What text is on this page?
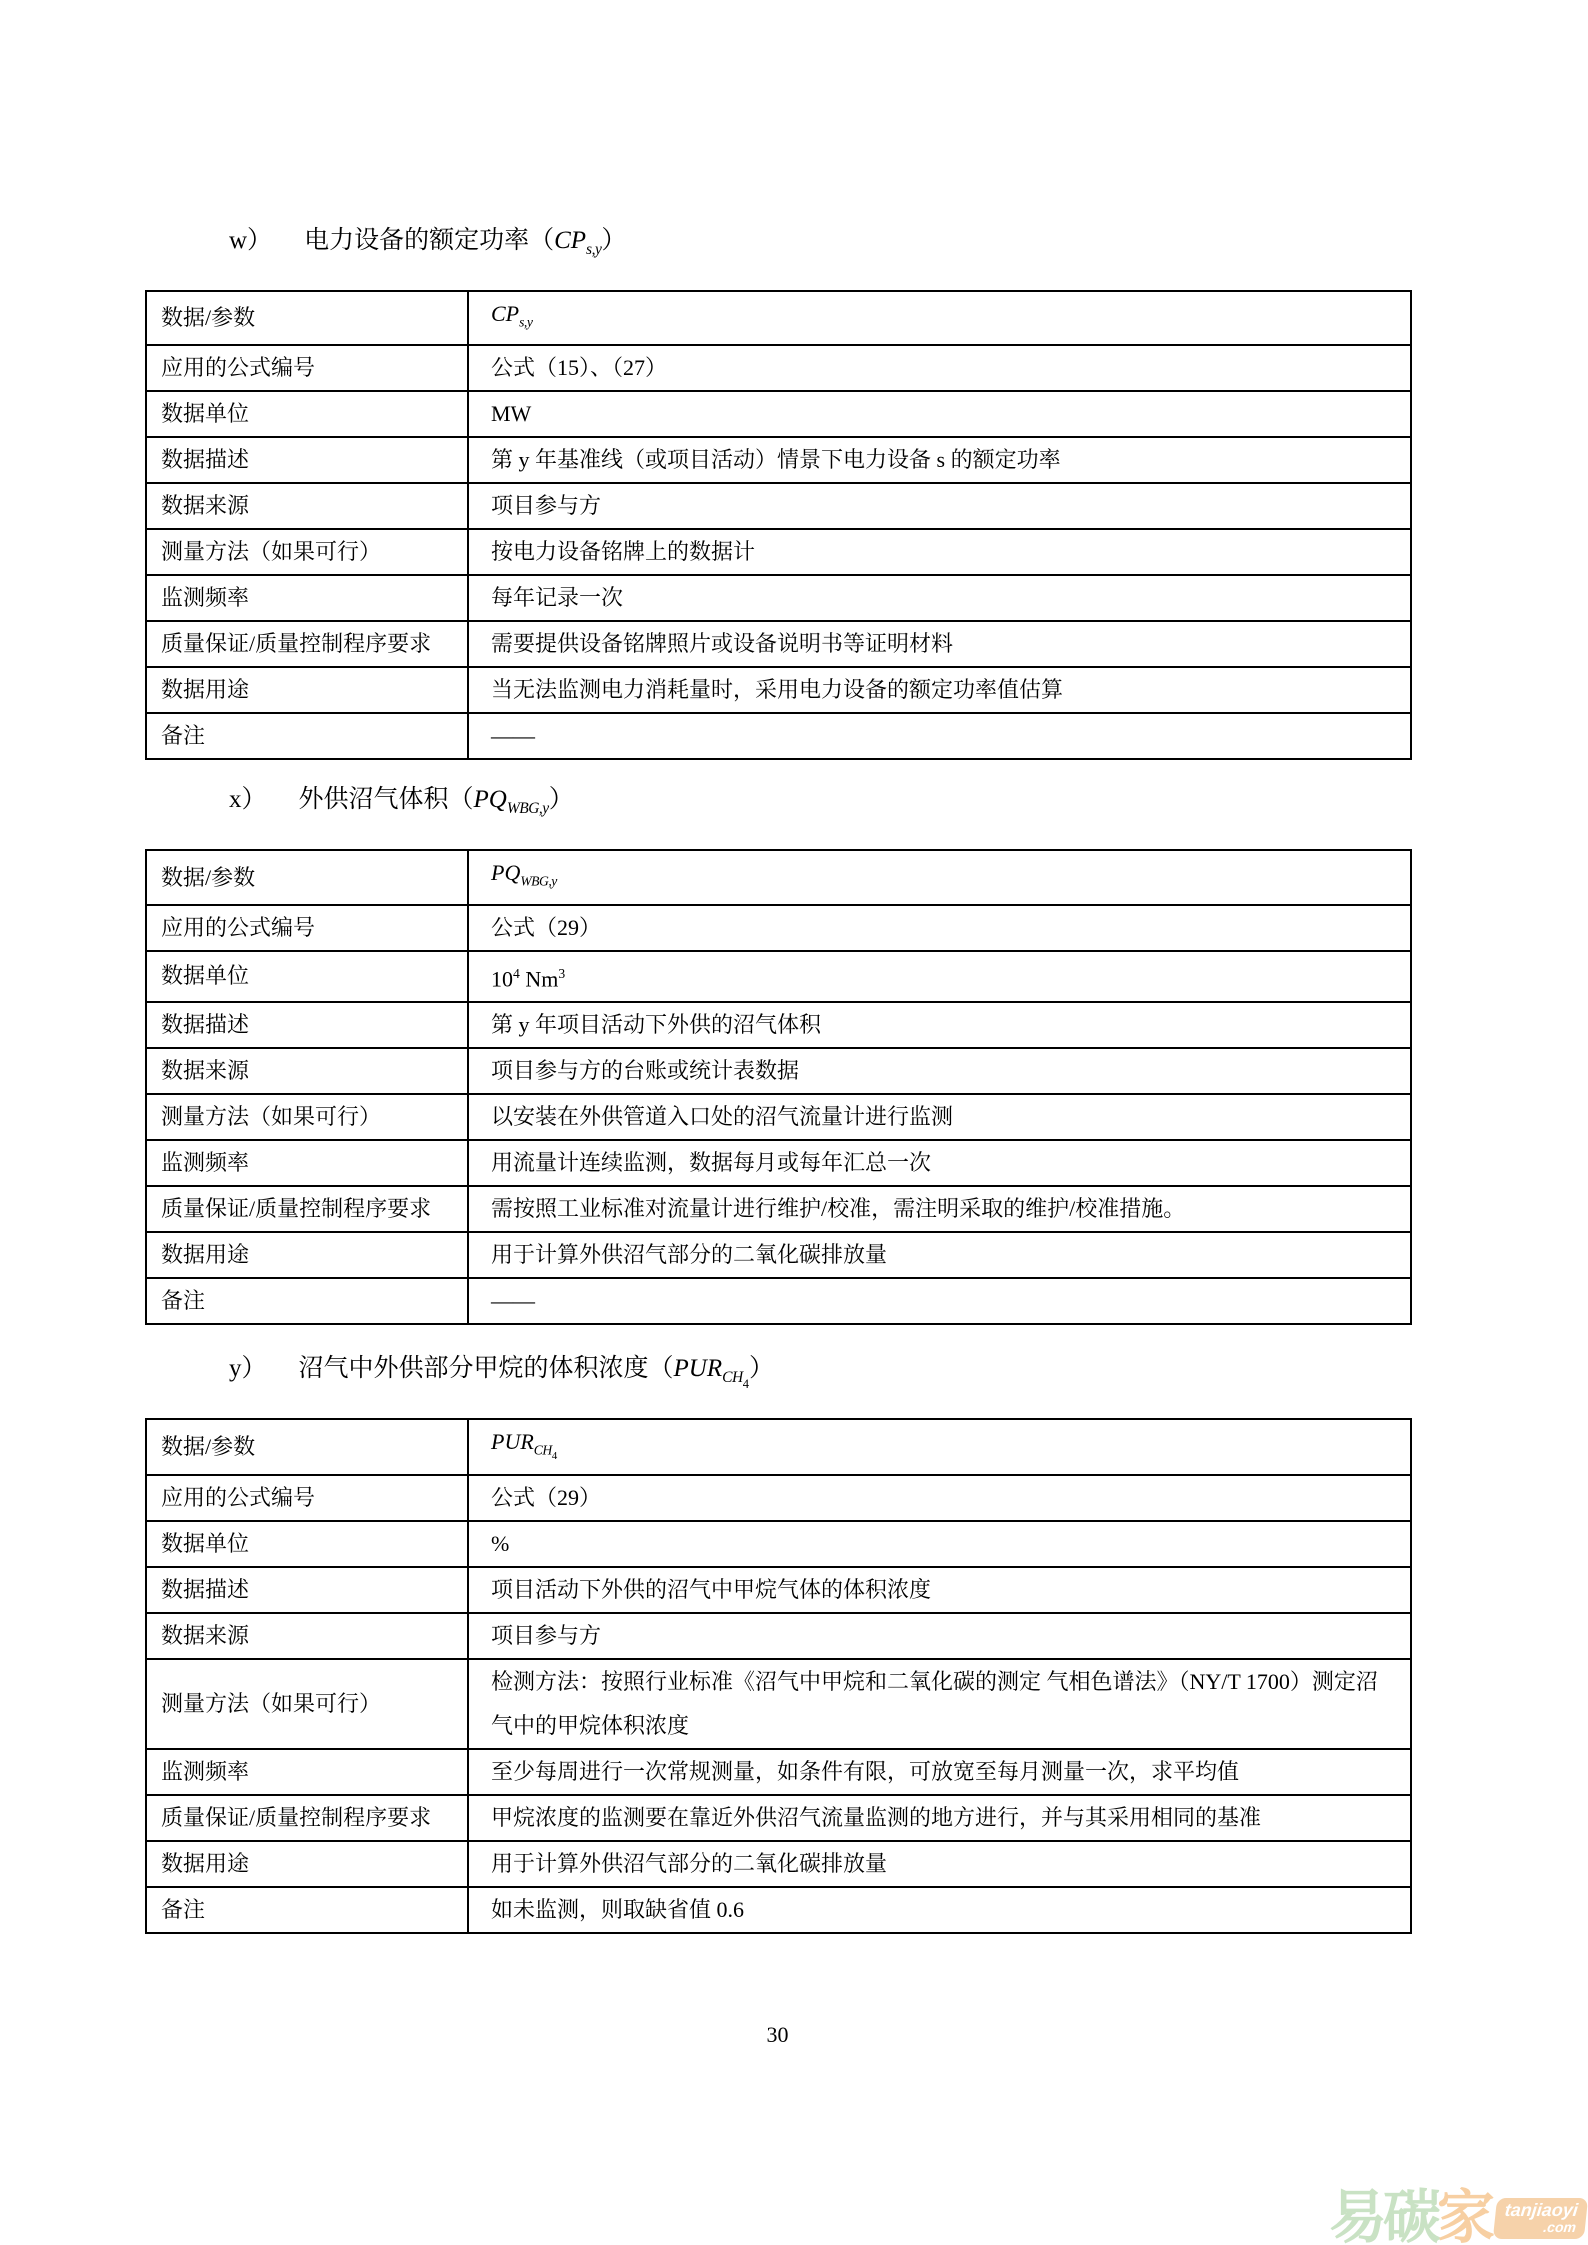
w） 电力设备的额定功率$(CP_{s,y})$
数据/参数	$CP_{s,y}$
应用的公式编号	公式（15）、（27）
数据单位	MW
数据描述	第 y 年基准线（或项目活动）情景下电力设备 s 的额定功率
数据来源	项目参与方
测量方法（如果可行）	按电力设备铭牌上的数据计
监测频率	每年记录一次
质量保证/质量控制程序要求	需要提供设备铭牌照片或设备说明书等证明材料
数据用途	当无法监测电力消耗量时，采用电力设备的额定功率值估算
备注	——
x） 外供沼气体积$(PQ_{WBG,y})$
数据/参数	$PQ_{WBG,y}$
应用的公式编号	公式（29）
数据单位	$10^4$ Nm$^3$
数据描述	第 y 年项目活动下外供的沼气体积
数据来源	项目参与方的台账或统计表数据
测量方法（如果可行）	以安装在外供管道入口处的沼气流量计进行监测
监测频率	用流量计连续监测，数据每月或每年汇总一次
质量保证/质量控制程序要求	需按照工业标准对流量计进行维护/校准，需注明采取的维护/校准措施。
数据用途	用于计算外供沼气部分的二氧化碳排放量
备注	——
y） 沼气中外供部分甲烷的体积浓度$(PUR_{CH4})$
数据/参数	$PUR_{CH4}$
应用的公式编号	公式（29）
数据单位	%
数据描述	项目活动下外供的沼气中甲烷气体的体积浓度
数据来源	项目参与方
测量方法（如果可行）	检测方法：按照行业标准《沼气中甲烷和二氧化碳的测定 气相色谱法》（NY/T 1700）测定沼气中的甲烷体积浓度
监测频率	至少每周进行一次常规测量，如条件有限，可放宽至每月测量一次，求平均值
质量保证/质量控制程序要求	甲烷浓度的监测要在靠近外供沼气流量监测的地方进行，并与其采用相同的基准
数据用途	用于计算外供沼气部分的二氧化碳排放量
备注	如未监测，则取缺省值 0.6
30
易 碳 家 tanjiaoyi
.com
